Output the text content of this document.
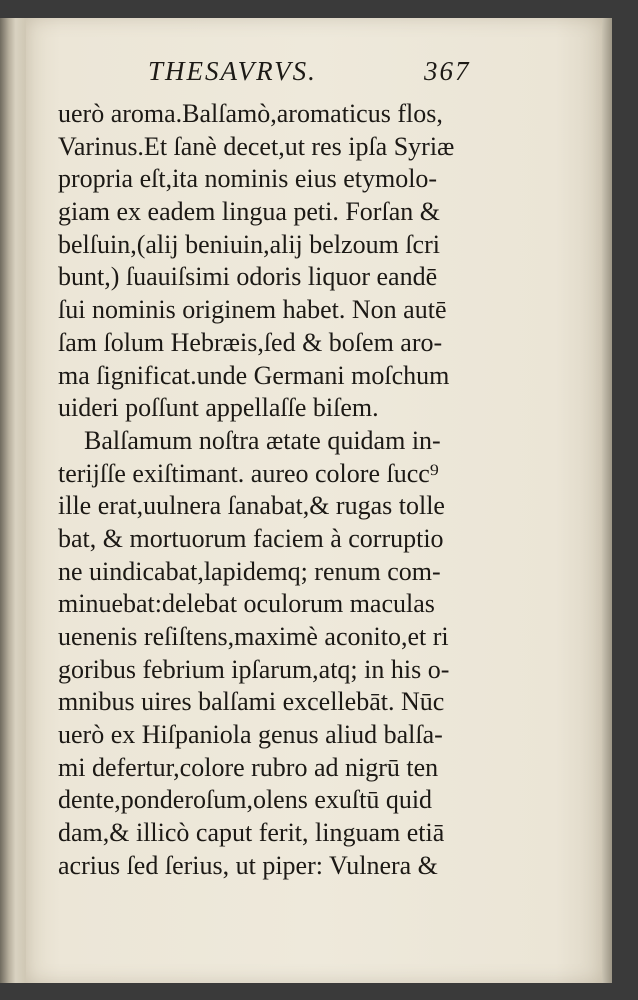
THESAVRVS.	367
uerò aroma.Balſamò,aromaticus flos,
Varinus.Et ſanè decet,ut res ipſa Syriæ
propria eſt,ita nominis eius etymolo-
giam ex eadem lingua peti. Forſan &
belſuin,(alij beniuin,alij belzoum ſcri
bunt,) ſuauiſsimi odoris liquor eandē
ſui nominis originem habet. Non autē
ſam ſolum Hebræis,ſed & boſem aro-
ma ſignificat.unde Germani moſchum
uideri poſſunt appellaſſe biſem.
Balſamum noſtra ætate quidam in-
terijſſe exiſtimant. aureo colore ſucc⁹
ille erat,uulnera ſanabat,& rugas tolle
bat, & mortuorum faciem à corruptio
ne uindicabat,lapidemq; renum com-
minuebat:delebat oculorum maculas
uenenis reſiſtens,maximè aconito,et ri
goribus febrium ipſarum,atq; in his o-
mnibus uires balſami excellebāt. Nūc
uerò ex Hiſpaniola genus aliud balſa-
mi defertur,colore rubro ad nigrū ten
dente,ponderoſum,olens exuſtū quid
dam,& illicò caput ferit, linguam etiā
acrius ſed ſerius, ut piper: Vulnera &
